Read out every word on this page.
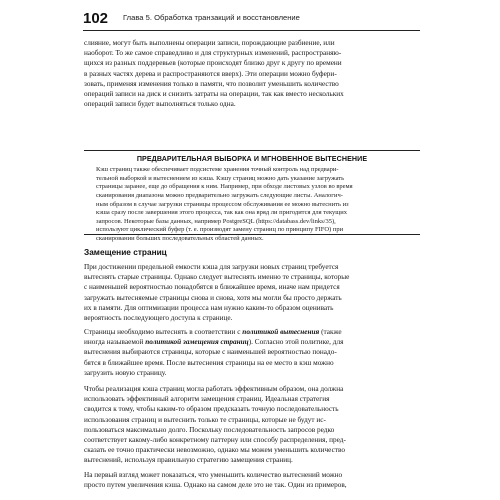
102 Глава 5. Обработка транзакций и восстановление
слияние, могут быть выполнены операции записи, порождающие разбиение, или
наоборот. То же самое справедливо и для структурных изменений, распространяю-
щихся из разных поддеревьев (которые происходят близко друг к другу по времени
в разных частях дерева и распространяются вверх). Эти операции можно буфери-
зовать, применяя изменения только в памяти, что позволит уменьшить количество
операций записи на диск и снизить затраты на операции, так как вместо нескольких
операций записи будет выполняться только одна.
ПРЕДВАРИТЕЛЬНАЯ ВЫБОРКА И МГНОВЕННОЕ ВЫТЕСНЕНИЕ
Кэш страниц также обеспечивает подсистеме хранения точный контроль над предвари-
тельной выборкой и вытеснением из кэша. Кэшу страниц можно дать указание загружать
страницы заранее, еще до обращения к ним. Например, при обходе листовых узлов во время
сканирования диапазона можно предварительно загружать следующие листы. Аналогич-
ным образом в случае загрузки страницы процессом обслуживания ее можно вытеснить из
кэша сразу после завершения этого процесса, так как она вряд ли пригодится для текущих
запросов. Некоторые базы данных, например PostgreSQL (https://databass.dev/links/35),
используют циклический буфер (т. е. производят замену страниц по принципу FIFO) при
сканировании больших последовательных областей данных.
Замещение страниц
При достижении предельной емкости кэша для загрузки новых страниц требуется
вытеснять старые страницы. Однако следует вытеснять именно те страницы, которые
с наименьшей вероятностью понадобятся в ближайшее время, иначе нам придется
загружать вытесняемые страницы снова и снова, хотя мы могли бы просто держать
их в памяти. Для оптимизации процесса нам нужно каким-то образом оценивать
вероятность последующего доступа к странице.
Страницы необходимо вытеснять в соответствии с политикой вытеснения (также
иногда называемой политикой замещения страниц). Согласно этой политике, для
вытеснения выбираются страницы, которые с наименьшей вероятностью понадо-
бятся в ближайшее время. После вытеснения страницы на ее место в кэш можно
загрузить новую страницу.
Чтобы реализация кэша страниц могла работать эффективным образом, она должна
использовать эффективный алгоритм замещения страниц. Идеальная стратегия
сводится к тому, чтобы каким-то образом предсказать точную последовательность
использования страниц и вытеснить только те страницы, которые не будут ис-
пользоваться максимально долго. Поскольку последовательность запросов редко
соответствует какому-либо конкретному паттерну или способу распределения, пред-
сказать ее точно практически невозможно, однако мы можем уменьшить количество
вытеснений, используя правильную стратегию замещения страниц.
На первый взгляд может показаться, что уменьшить количество вытеснений можно
просто путем увеличения кэша. Однако на самом деле это не так. Один из примеров,
